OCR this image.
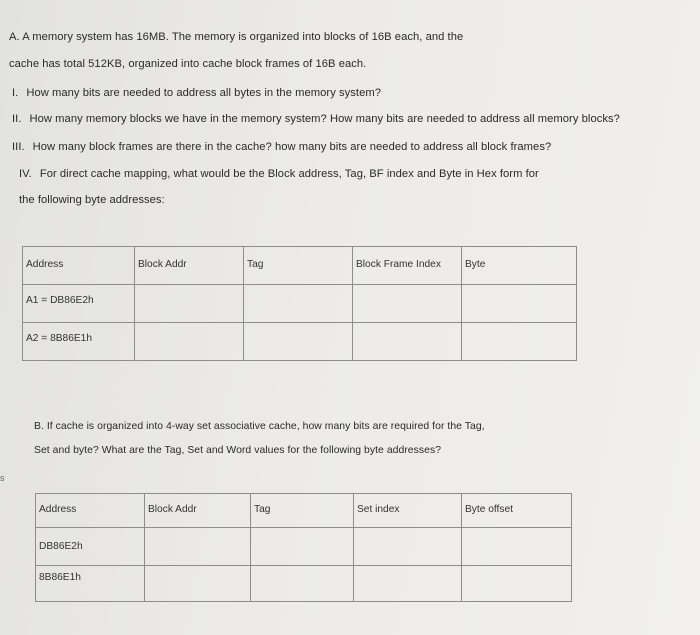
A. A memory system has 16MB. The memory is organized into blocks of 16B each, and the
cache has total 512KB, organized into cache block frames of 16B each.
I. How many bits are needed to address all bytes in the memory system?
II. How many memory blocks we have in the memory system? How many bits are needed to address all memory blocks?
III. How many block frames are there in the cache? how many bits are needed to address all block frames?
IV. For direct cache mapping, what would be the Block address, Tag, BF index and Byte in Hex form for
the following byte addresses:
Address	Block Addr	Tag	Block Frame Index	Byte
A1 = DB86E2h				
A2 = 8B86E1h				
B. If cache is organized into 4-way set associative cache, how many bits are required for the Tag,
Set and byte? What are the Tag, Set and Word values for the following byte addresses?
Address	Block Addr	Tag	Set index	Byte offset
DB86E2h				
8B86E1h				
s
